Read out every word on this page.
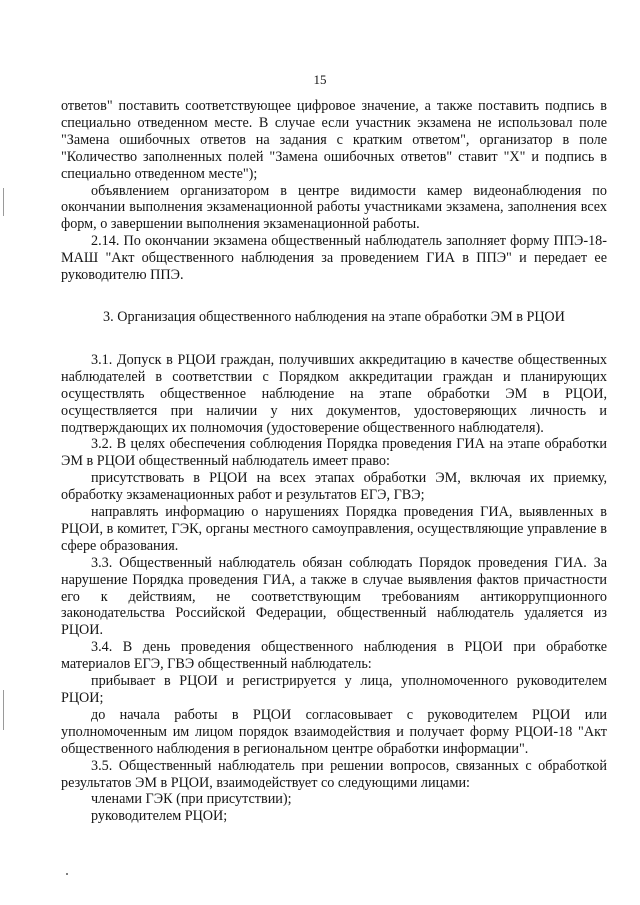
15

ответов" поставить соответствующее цифровое значение, а также поставить подпись в специально отведенном месте. В случае если участник экзамена не использовал поле "Замена ошибочных ответов на задания с кратким ответом", организатор в поле "Количество заполненных полей "Замена ошибочных ответов" ставит "X" и подпись в специально отведенном месте");

объявлением организатором в центре видимости камер видеонаблюдения по окончании выполнения экзаменационной работы участниками экзамена, заполнения всех форм, о завершении выполнения экзаменационной работы.

2.14. По окончании экзамена общественный наблюдатель заполняет форму ППЭ-18-МАШ "Акт общественного наблюдения за проведением ГИА в ППЭ" и передает ее руководителю ППЭ.

3. Организация общественного наблюдения на этапе обработки ЭМ в РЦОИ

3.1. Допуск в РЦОИ граждан, получивших аккредитацию в качестве общественных наблюдателей в соответствии с Порядком аккредитации граждан и планирующих осуществлять общественное наблюдение на этапе обработки ЭМ в РЦОИ, осуществляется при наличии у них документов, удостоверяющих личность и подтверждающих их полномочия (удостоверение общественного наблюдателя).

3.2. В целях обеспечения соблюдения Порядка проведения ГИА на этапе обработки ЭМ в РЦОИ общественный наблюдатель имеет право:

присутствовать в РЦОИ на всех этапах обработки ЭМ, включая их приемку, обработку экзаменационных работ и результатов ЕГЭ, ГВЭ;

направлять информацию о нарушениях Порядка проведения ГИА, выявленных в РЦОИ, в комитет, ГЭК, органы местного самоуправления, осуществляющие управление в сфере образования.

3.3. Общественный наблюдатель обязан соблюдать Порядок проведения ГИА. За нарушение Порядка проведения ГИА, а также в случае выявления фактов причастности его к действиям, не соответствующим требованиям антикоррупционного законодательства Российской Федерации, общественный наблюдатель удаляется из РЦОИ.

3.4. В день проведения общественного наблюдения в РЦОИ при обработке материалов ЕГЭ, ГВЭ общественный наблюдатель:

прибывает в РЦОИ и регистрируется у лица, уполномоченного руководителем РЦОИ;

до начала работы в РЦОИ согласовывает с руководителем РЦОИ или уполномоченным им лицом порядок взаимодействия и получает форму РЦОИ-18 "Акт общественного наблюдения в региональном центре обработки информации".

3.5. Общественный наблюдатель при решении вопросов, связанных с обработкой результатов ЭМ в РЦОИ, взаимодействует со следующими лицами:

членами ГЭК (при присутствии);

руководителем РЦОИ;
